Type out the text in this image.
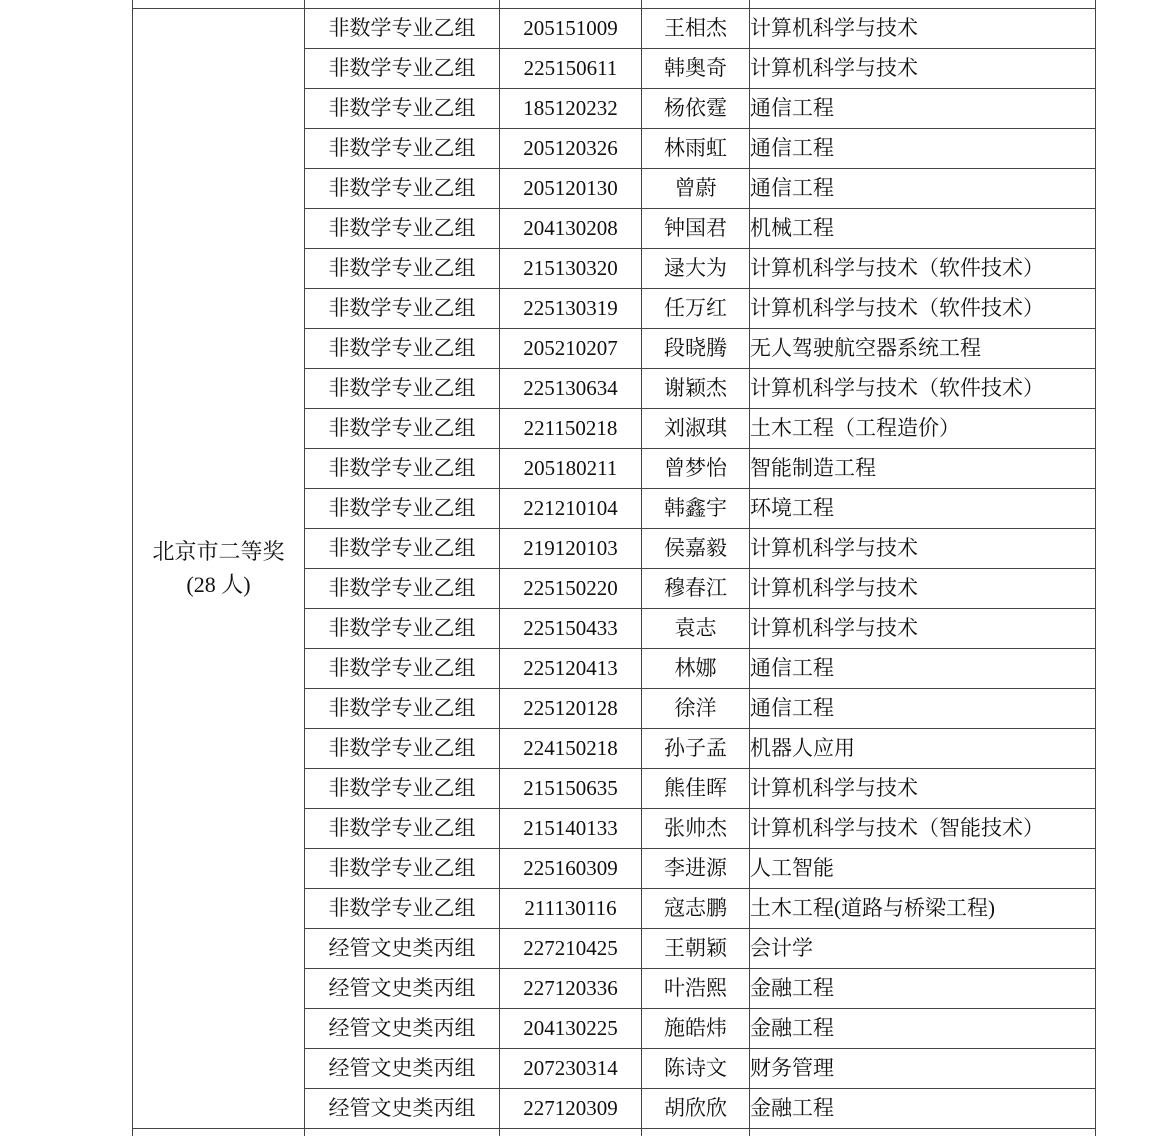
北京市二等奖
(28 人)	非数学专业乙组	205151009	王相杰	计算机科学与技术
	非数学专业乙组	225150611	韩奥奇	计算机科学与技术
	非数学专业乙组	185120232	杨依霆	通信工程
	非数学专业乙组	205120326	林雨虹	通信工程
	非数学专业乙组	205120130	曾蔚	通信工程
	非数学专业乙组	204130208	钟国君	机械工程
	非数学专业乙组	215130320	逯大为	计算机科学与技术（软件技术）
	非数学专业乙组	225130319	任万红	计算机科学与技术（软件技术）
	非数学专业乙组	205210207	段晓腾	无人驾驶航空器系统工程
	非数学专业乙组	225130634	谢颖杰	计算机科学与技术（软件技术）
	非数学专业乙组	221150218	刘淑琪	土木工程（工程造价）
	非数学专业乙组	205180211	曾梦怡	智能制造工程
	非数学专业乙组	221210104	韩鑫宇	环境工程
	非数学专业乙组	219120103	侯嘉毅	计算机科学与技术
	非数学专业乙组	225150220	穆春江	计算机科学与技术
	非数学专业乙组	225150433	袁志	计算机科学与技术
	非数学专业乙组	225120413	林娜	通信工程
	非数学专业乙组	225120128	徐洋	通信工程
	非数学专业乙组	224150218	孙子孟	机器人应用
	非数学专业乙组	215150635	熊佳晖	计算机科学与技术
	非数学专业乙组	215140133	张帅杰	计算机科学与技术（智能技术）
	非数学专业乙组	225160309	李进源	人工智能
	非数学专业乙组	211130116	寇志鹏	土木工程(道路与桥梁工程)
	经管文史类丙组	227210425	王朝颖	会计学
	经管文史类丙组	227120336	叶浩熙	金融工程
	经管文史类丙组	204130225	施皓炜	金融工程
	经管文史类丙组	207230314	陈诗文	财务管理
	经管文史类丙组	227120309	胡欣欣	金融工程
